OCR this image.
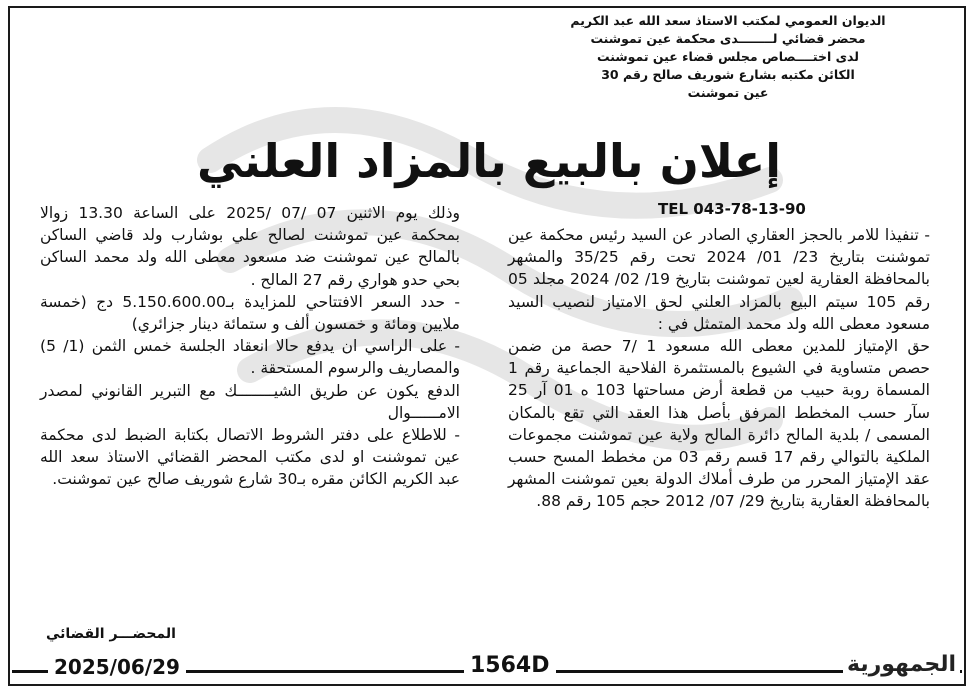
الديوان العمومي لمكتب الاستاذ سعد الله عبد الكريم
محضر قضائي لــــــــدى محكمة عين تموشنت
لدى اختــــصاص مجلس قضاء عين تموشنت
الكائن مكتبه بشارع شوريف صالح رقم 30
عين تموشنت
إعلان بالبيع بالمزاد العلني
TEL 043-78-13-90

- تنفيذا للامر بالحجز العقاري الصادر عن السيد رئيس محكمة عين تموشنت بتاريخ 23/ 01/ 2024 تحت رقم 35/25 والمشهر بالمحافظة العقارية لعين تموشنت بتاريخ 19/ 02/ 2024 مجلد 05 رقم 105 سيتم البيع بالمزاد العلني لحق الامتياز لنصيب السيد مسعود معطى الله ولد محمد المتمثل في :

حق الإمتياز للمدين معطى الله مسعود 1 /7 حصة من ضمن حصص متساوية في الشيوع بالمستثمرة الفلاحية الجماعية رقم 1 المسماة روبة حبيب من قطعة أرض مساحتها 103 ه 01 آر 25 سآر حسب المخطط المرفق بأصل هذا العقد التي تقع بالمكان المسمى / بلدية المالح دائرة المالح ولاية عين تموشنت مجموعات الملكية بالتوالي رقم 17 قسم رقم 03 من مخطط المسح حسب عقد الإمتياز المحرر من طرف أملاك الدولة بعين تموشنت المشهر بالمحافظة العقارية بتاريخ 29/ 07/ 2012 حجم 105 رقم 88.

وذلك يوم الاثنين 07 /07 /2025 على الساعة 13.30 زوالا بمحكمة عين تموشنت لصالح علي بوشارب ولد قاضي الساكن بالمالح عين تموشنت ضد مسعود معطى الله ولد محمد الساكن بحي حدو هواري رقم 27 المالح .

- حدد السعر الافتتاحي للمزايدة بـ5.150.600.00 دج (خمسة ملايين ومائة و خمسون ألف و ستمائة دينار جزائري)

- على الراسي ان يدفع حالا انعقاد الجلسة خمس الثمن (1/ 5) والمصاريف والرسوم المستحقة .

الدفع يكون عن طريق الشيــــــــك مع التبرير القانوني لمصدر الامــــــوال

- للاطلاع على دفتر الشروط الاتصال بكتابة الضبط لدى محكمة عين تموشنت او لدى مكتب المحضر القضائي الاستاذ سعد الله عبد الكريم الكائن مقره بـ30 شارع شوريف صالح عين تموشنت.

المحضـــر القضائي
2025/06/29	1564D	الجمهورية
